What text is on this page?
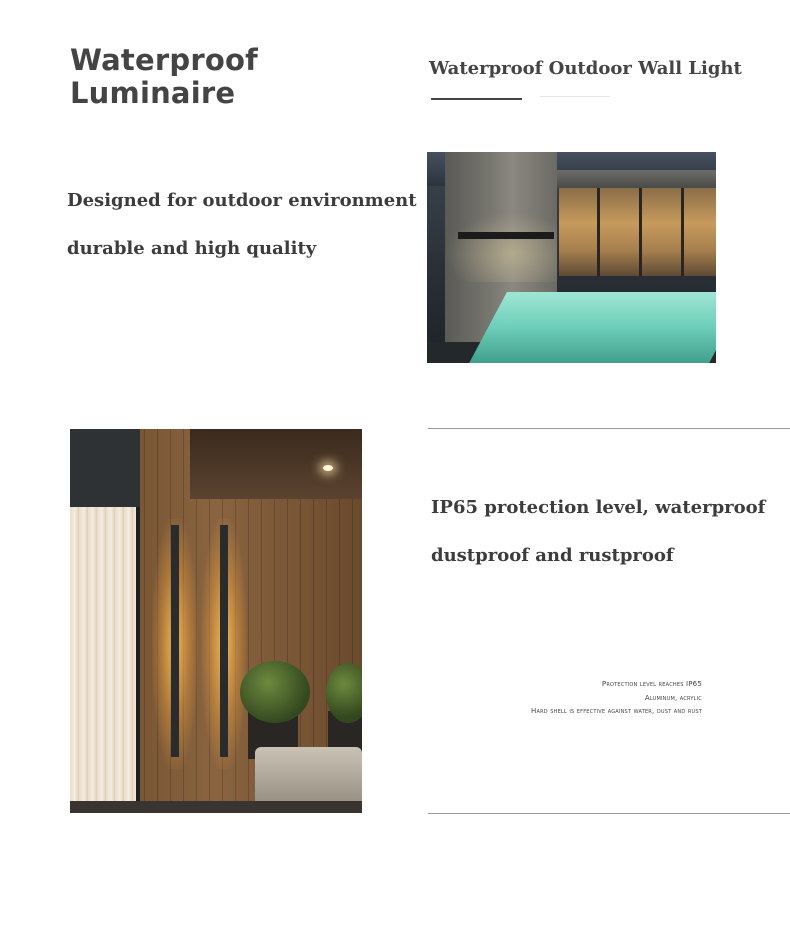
Waterproof
Luminaire
Waterproof Outdoor Wall Light

Designed for outdoor environment

durable and high quality

IP65 protection level, waterproof

dustproof and rustproof

Protection level reaches IP65
Aluminum, acrylic
Hard shell is effective against water, dust and rust
